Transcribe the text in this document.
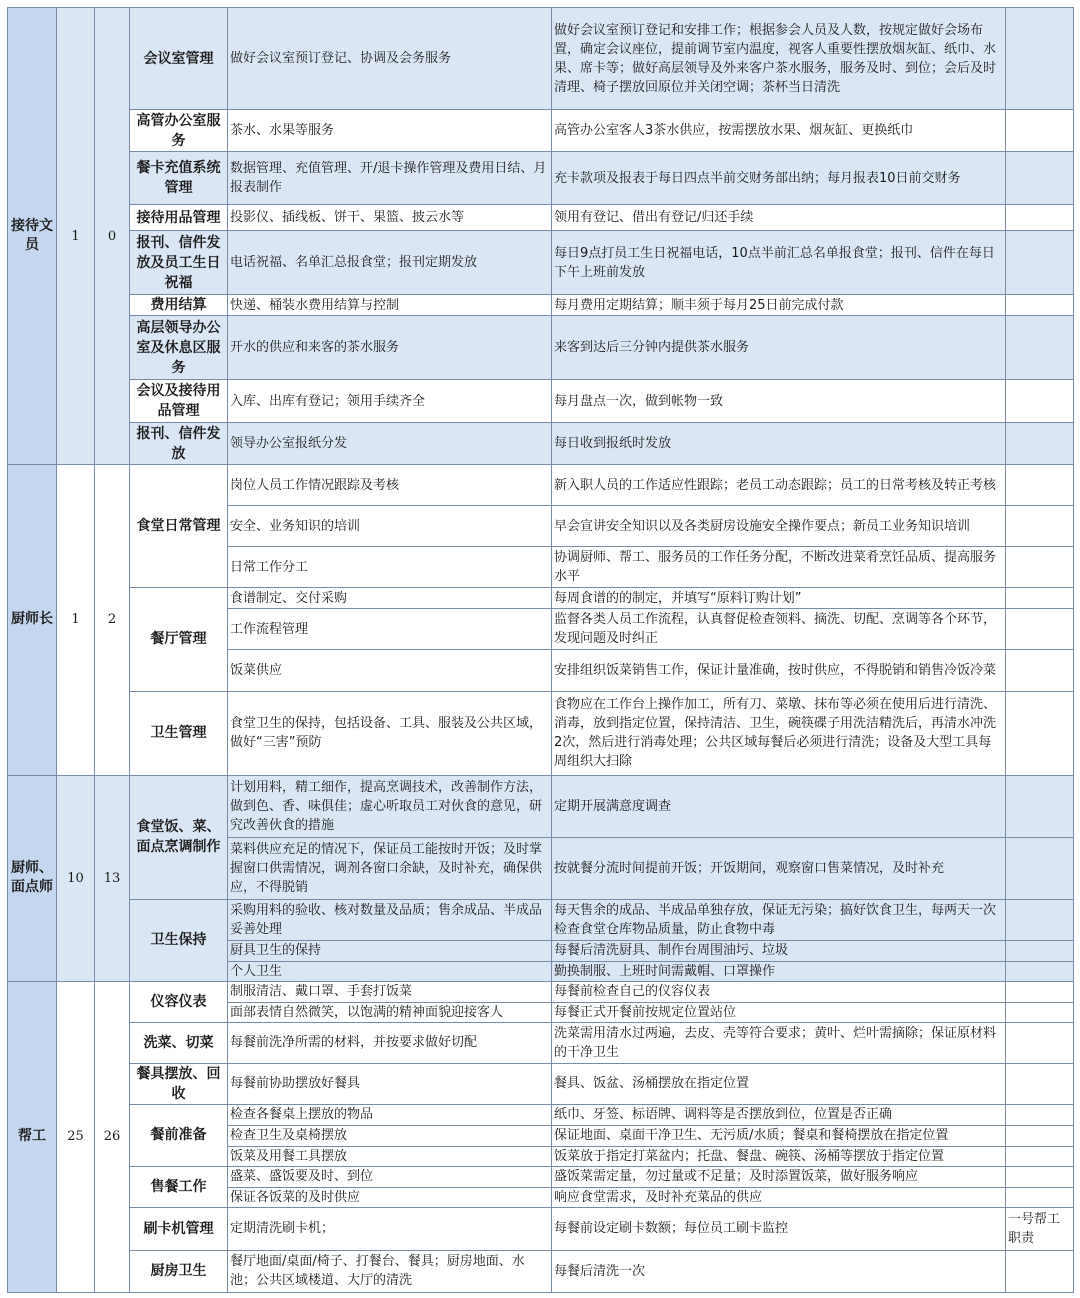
接待文员	1	0	会议室管理	做好会议室预订登记、协调及会务服务	做好会议室预订登记和安排工作；根据参会人员及人数，按规定做好会场布置，确定会议座位，提前调节室内温度，视客人重要性摆放烟灰缸、纸巾、水果、席卡等；做好高层领导及外来客户茶水服务，服务及时、到位；会后及时清理、椅子摆放回原位并关闭空调；茶杯当日清洗	
			高管办公室服务	茶水、水果等服务	高管办公室客人3茶水供应，按需摆放水果、烟灰缸、更换纸巾	
			餐卡充值系统管理	数据管理、充值管理、开/退卡操作管理及费用日结、月报表制作	充卡款项及报表于每日四点半前交财务部出纳；每月报表10日前交财务	
			接待用品管理	投影仪、插线板、饼干、果篮、披云水等	领用有登记、借出有登记/归还手续	
			报刊、信件发放及员工生日祝福	电话祝福、名单汇总报食堂；报刊定期发放	每日9点打员工生日祝福电话，10点半前汇总名单报食堂；报刊、信件在每日下午上班前发放	
			费用结算	快递、桶装水费用结算与控制	每月费用定期结算；顺丰须于每月25日前完成付款	
			高层领导办公室及休息区服务	开水的供应和来客的茶水服务	来客到达后三分钟内提供茶水服务	
			会议及接待用品管理	入库、出库有登记；领用手续齐全	每月盘点一次，做到帐物一致	
			报刊、信件发放	领导办公室报纸分发	每日收到报纸时发放	
厨师长	1	2	食堂日常管理	岗位人员工作情况跟踪及考核	新入职人员的工作适应性跟踪；老员工动态跟踪；员工的日常考核及转正考核	
				安全、业务知识的培训	早会宣讲安全知识以及各类厨房设施安全操作要点；新员工业务知识培训	
				日常工作分工	协调厨师、帮工、服务员的工作任务分配，不断改进菜肴烹饪品质、提高服务水平	
			餐厅管理	食谱制定、交付采购	每周食谱的的制定，并填写“原料订购计划”	
				工作流程管理	监督各类人员工作流程，认真督促检查领料、摘洗、切配、烹调等各个环节，发现问题及时纠正	
				饭菜供应	安排组织饭菜销售工作，保证计量准确，按时供应，不得脱销和销售冷饭冷菜	
			卫生管理	食堂卫生的保持，包括设备、工具、服装及公共区域，做好“三害”预防	食物应在工作台上操作加工，所有刀、菜墩、抹布等必须在使用后进行清洗、消毒，放到指定位置，保持清洁、卫生，碗筷碟子用洗洁精洗后，再清水冲洗2次，然后进行消毒处理；公共区域每餐后必须进行清洗；设备及大型工具每周组织大扫除	
厨师、面点师	10	13	食堂饭、菜、面点烹调制作	计划用料，精工细作，提高烹调技术，改善制作方法，做到色、香、味俱佳；虚心听取员工对伙食的意见，研究改善伙食的措施	定期开展满意度调查	
				菜料供应充足的情况下，保证员工能按时开饭；及时掌握窗口供需情况，调剂各窗口余缺，及时补充，确保供应，不得脱销	按就餐分流时间提前开饭；开饭期间，观察窗口售菜情况，及时补充	
			卫生保持	采购用料的验收、核对数量及品质；售余成品、半成品妥善处理	每天售余的成品、半成品单独存放，保证无污染；搞好饮食卫生，每两天一次检查食堂仓库物品质量，防止食物中毒	
				厨具卫生的保持	每餐后清洗厨具、制作台周围油圬、垃圾	
				个人卫生	勤换制服、上班时间需戴帽、口罩操作	
帮工	25	26	仪容仪表	制服清洁、戴口罩、手套打饭菜	每餐前检查自己的仪容仪表	
				面部表情自然微笑，以饱满的精神面貌迎接客人	每餐正式开餐前按规定位置站位	
			洗菜、切菜	每餐前洗净所需的材料，并按要求做好切配	洗菜需用清水过两遍，去皮、壳等符合要求；黄叶、烂叶需摘除；保证原材料的干净卫生	
			餐具摆放、回收	每餐前协助摆放好餐具	餐具、饭盆、汤桶摆放在指定位置	
			餐前准备	检查各餐桌上摆放的物品	纸巾、牙签、标语牌、调料等是否摆放到位，位置是否正确	
				检查卫生及桌椅摆放	保证地面、桌面干净卫生、无污质/水质；餐桌和餐椅摆放在指定位置	
				饭菜及用餐工具摆放	饭菜放于指定打菜盆内；托盘、餐盘、碗筷、汤桶等摆放于指定位置	
			售餐工作	盛菜、盛饭要及时、到位	盛饭菜需定量，勿过量或不足量；及时添置饭菜，做好服务响应	
				保证各饭菜的及时供应	响应食堂需求，及时补充菜品的供应	
			刷卡机管理	定期清洗刷卡机；	每餐前设定刷卡数额；每位员工刷卡监控	一号帮工职责
			厨房卫生	餐厅地面/桌面/椅子、打餐台、餐具；厨房地面、水池；公共区域楼道、大厅的清洗	每餐后清洗一次	
